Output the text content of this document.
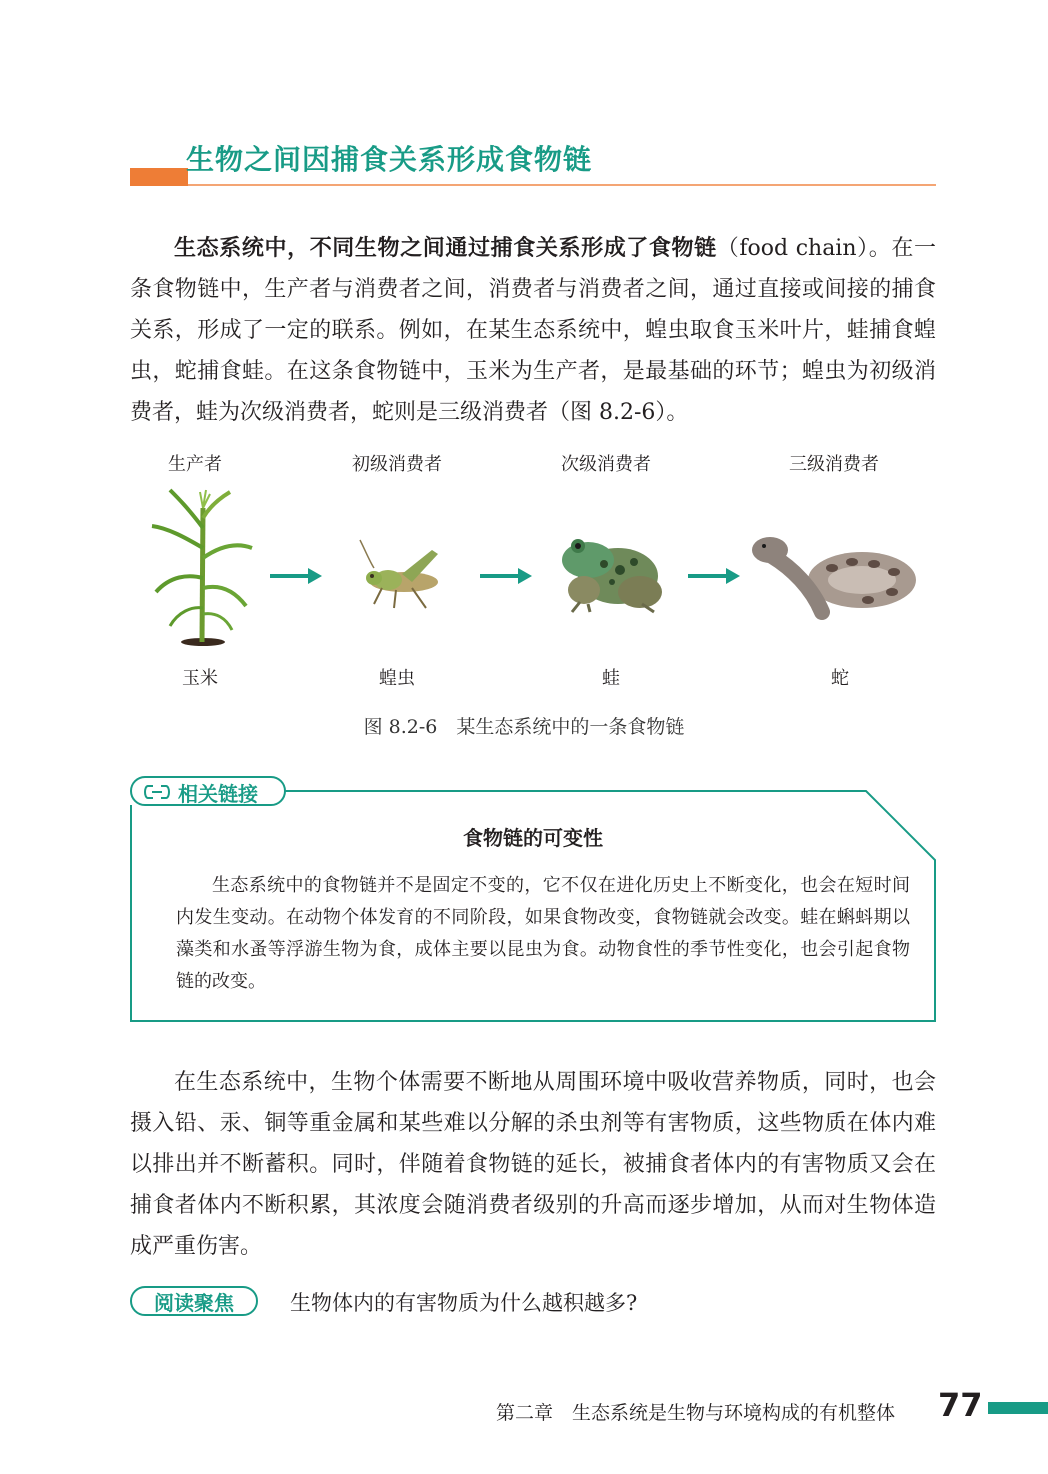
生物之间因捕食关系形成食物链

生态系统中，不同生物之间通过捕食关系形成了食物链（food chain）。在一条食物链中，生产者与消费者之间，消费者与消费者之间，通过直接或间接的捕食关系，形成了一定的联系。例如，在某生态系统中，蝗虫取食玉米叶片，蛙捕食蝗虫，蛇捕食蛙。在这条食物链中，玉米为生产者，是最基础的环节；蝗虫为初级消费者，蛙为次级消费者，蛇则是三级消费者（图 8.2-6）。

生产者	初级消费者	次级消费者	三级消费者
玉米	蝗虫	蛙	蛇
图 8.2-6　某生态系统中的一条食物链
相关链接
食物链的可变性

生态系统中的食物链并不是固定不变的，它不仅在进化历史上不断变化，也会在短时间内发生变动。在动物个体发育的不同阶段，如果食物改变，食物链就会改变。蛙在蝌蚪期以藻类和水蚤等浮游生物为食，成体主要以昆虫为食。动物食性的季节性变化，也会引起食物链的改变。

在生态系统中，生物个体需要不断地从周围环境中吸收营养物质，同时，也会摄入铅、汞、铜等重金属和某些难以分解的杀虫剂等有害物质，这些物质在体内难以排出并不断蓄积。同时，伴随着食物链的延长，被捕食者体内的有害物质又会在捕食者体内不断积累，其浓度会随消费者级别的升高而逐步增加，从而对生物体造成严重伤害。

阅读聚焦	生物体内的有害物质为什么越积越多?
第二章　生态系统是生物与环境构成的有机整体 77
